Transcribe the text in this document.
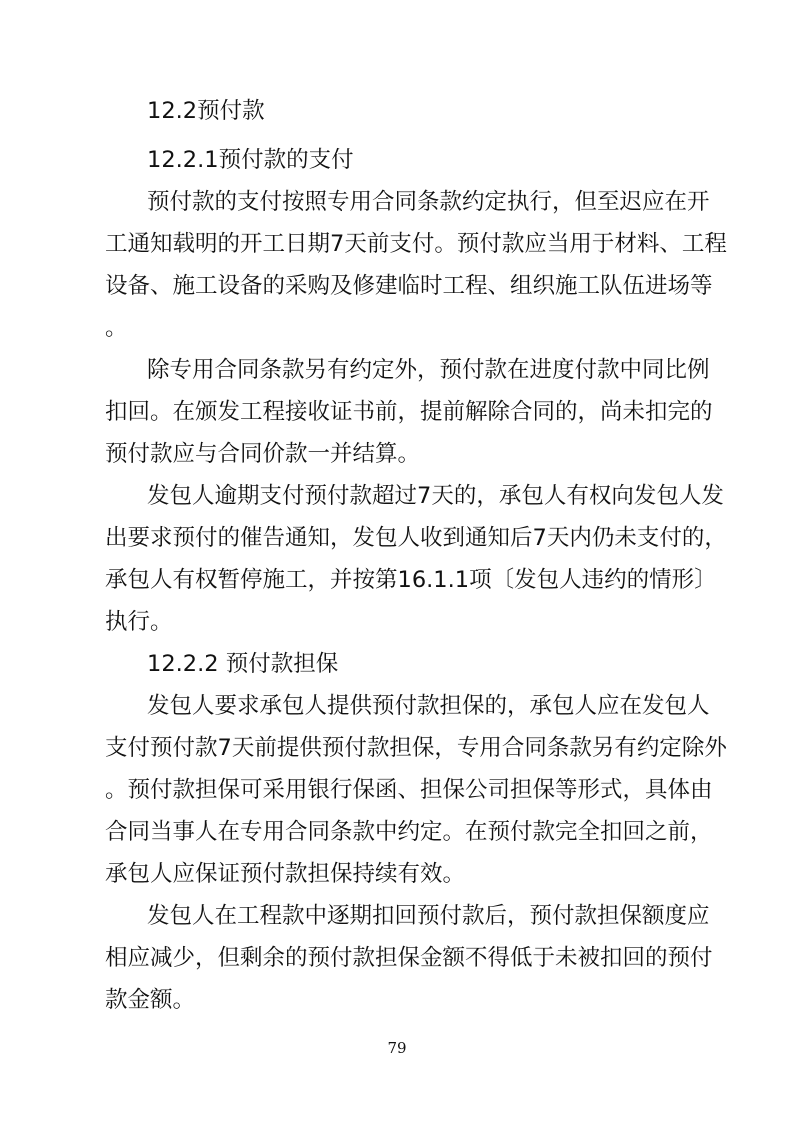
12.2预付款

12.2.1预付款的支付

预付款的支付按照专用合同条款约定执行，但至迟应在开

工通知载明的开工日期7天前支付。预付款应当用于材料、工程

设备、施工设备的采购及修建临时工程、组织施工队伍进场等

。

除专用合同条款另有约定外，预付款在进度付款中同比例

扣回。在颁发工程接收证书前，提前解除合同的，尚未扣完的

预付款应与合同价款一并结算。

发包人逾期支付预付款超过7天的，承包人有权向发包人发

出要求预付的催告通知，发包人收到通知后7天内仍未支付的，

承包人有权暂停施工，并按第16.1.1项〔发包人违约的情形〕

执行。

12.2.2 预付款担保

发包人要求承包人提供预付款担保的，承包人应在发包人

支付预付款7天前提供预付款担保，专用合同条款另有约定除外

。预付款担保可采用银行保函、担保公司担保等形式，具体由

合同当事人在专用合同条款中约定。在预付款完全扣回之前，

承包人应保证预付款担保持续有效。

发包人在工程款中逐期扣回预付款后，预付款担保额度应

相应减少，但剩余的预付款担保金额不得低于未被扣回的预付

款金额。

79
